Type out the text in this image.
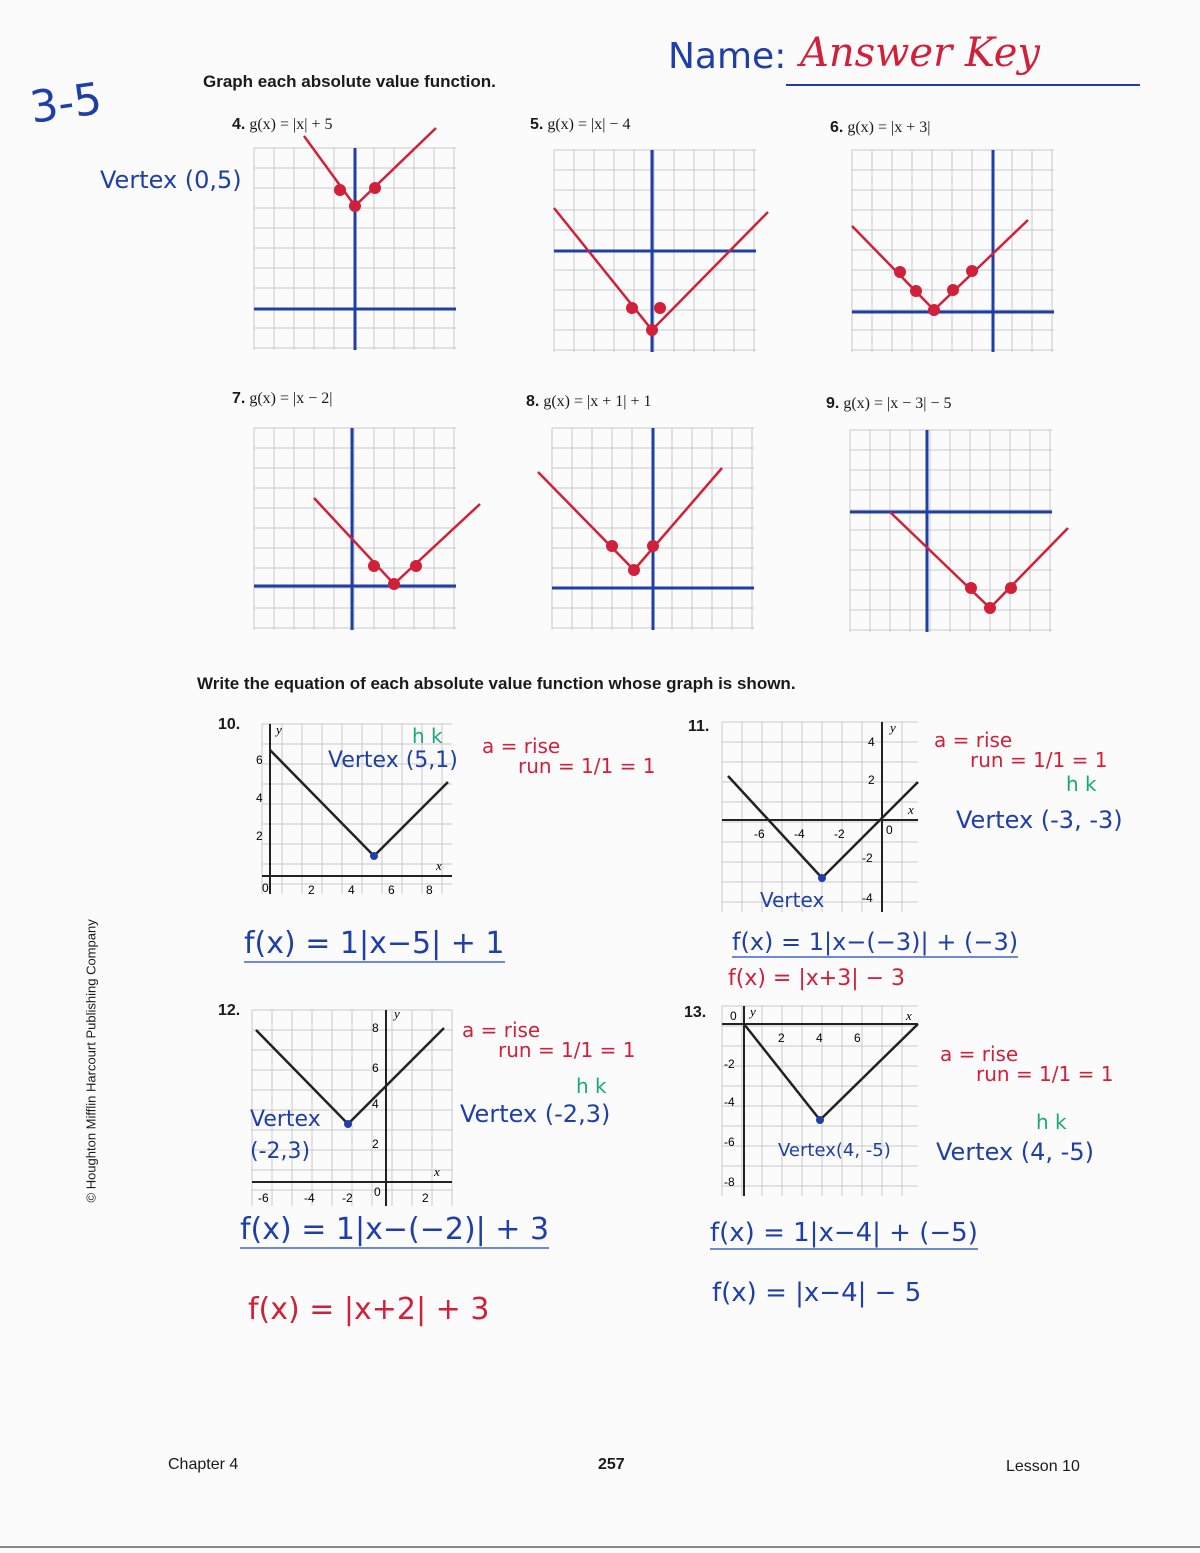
3-5	Graph each absolute value function.
Name: Answer Key
4. g(x) = |x| + 5	5. g(x) = |x| − 4	6. g(x) = |x + 3|
Vertex (0,5)
7. g(x) = |x − 2|	8. g(x) = |x + 1| + 1	9. g(x) = |x − 3| − 5
Write the equation of each absolute value function whose graph is shown.
10.	y
x
0	2	4	6	8
6
4
2
h k
Vertex (5,1)
a = rise
run = 1/1 = 1
f(x) = 1|x−5| + 1
11.	y
x
0
-6 -4 -2
4
2
-2
-4
Vertex
a = rise
run = 1/1 = 1
h k
Vertex (-3, -3)
f(x) = 1|x−(−3)| + (−3)
f(x) = |x+3| − 3
12.	y
x
0
-6	-4 -2	2
8
6
4
2
Vertex (-2,3)
a = rise
run = 1/1 = 1
h k
Vertex (-2,3)
f(x) = 1|x−(−2)| + 3
f(x) = |x+2| + 3
13.	y	x
0
2	4	6
-2
-4
-6
-8
Vertex(4, -5)
a = rise
run = 1/1 = 1
h k
Vertex (4, -5)
f(x) = 1|x−4| + (−5)
f(x) = |x−4| − 5
© Houghton Mifflin Harcourt Publishing Company
Chapter 4	257	Lesson 10
